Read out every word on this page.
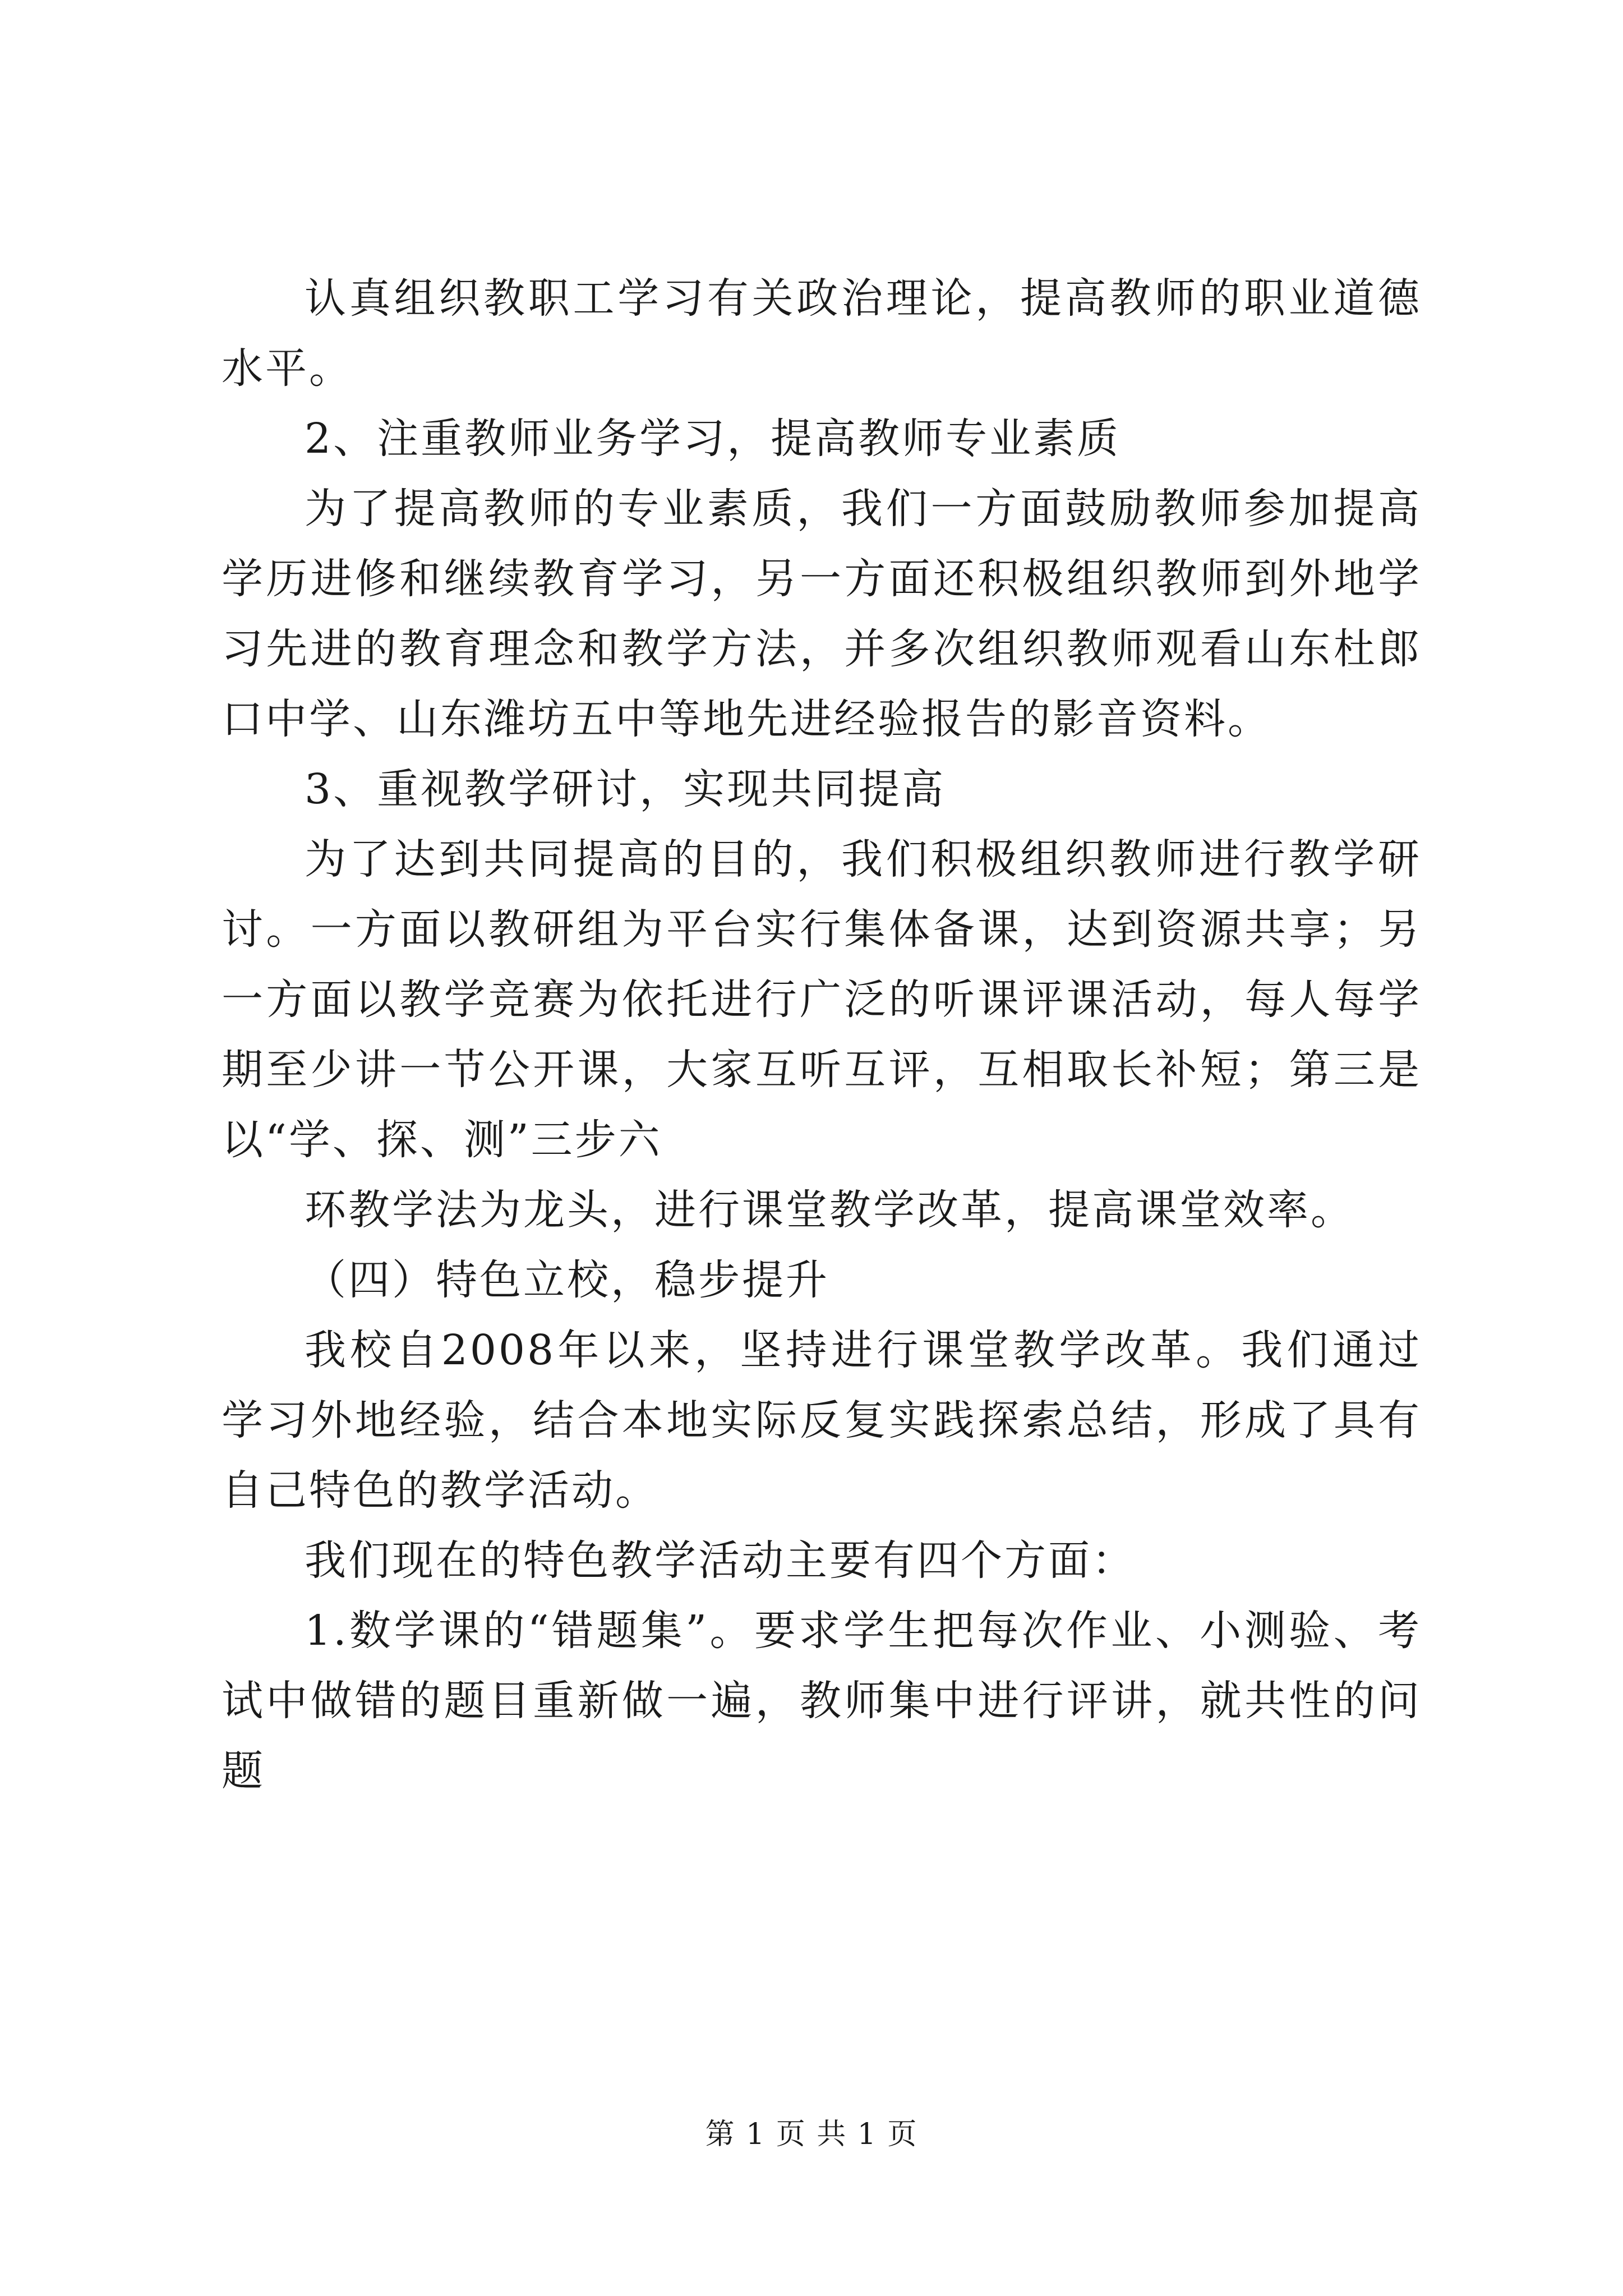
认真组织教职工学习有关政治理论，提高教师的职业道德水平。

2、注重教师业务学习，提高教师专业素质

为了提高教师的专业素质，我们一方面鼓励教师参加提高学历进修和继续教育学习，另一方面还积极组织教师到外地学习先进的教育理念和教学方法，并多次组织教师观看山东杜郎口中学、山东潍坊五中等地先进经验报告的影音资料。

3、重视教学研讨，实现共同提高

为了达到共同提高的目的，我们积极组织教师进行教学研讨。一方面以教研组为平台实行集体备课，达到资源共享；另一方面以教学竞赛为依托进行广泛的听课评课活动，每人每学期至少讲一节公开课，大家互听互评，互相取长补短；第三是以“学、探、测”三步六

环教学法为龙头，进行课堂教学改革，提高课堂效率。

（四）特色立校，稳步提升

我校自2008年以来，坚持进行课堂教学改革。我们通过学习外地经验，结合本地实际反复实践探索总结，形成了具有自己特色的教学活动。

我们现在的特色教学活动主要有四个方面：

1.数学课的“错题集”。要求学生把每次作业、小测验、考试中做错的题目重新做一遍，教师集中进行评讲，就共性的问题

第 1 页 共 1 页
